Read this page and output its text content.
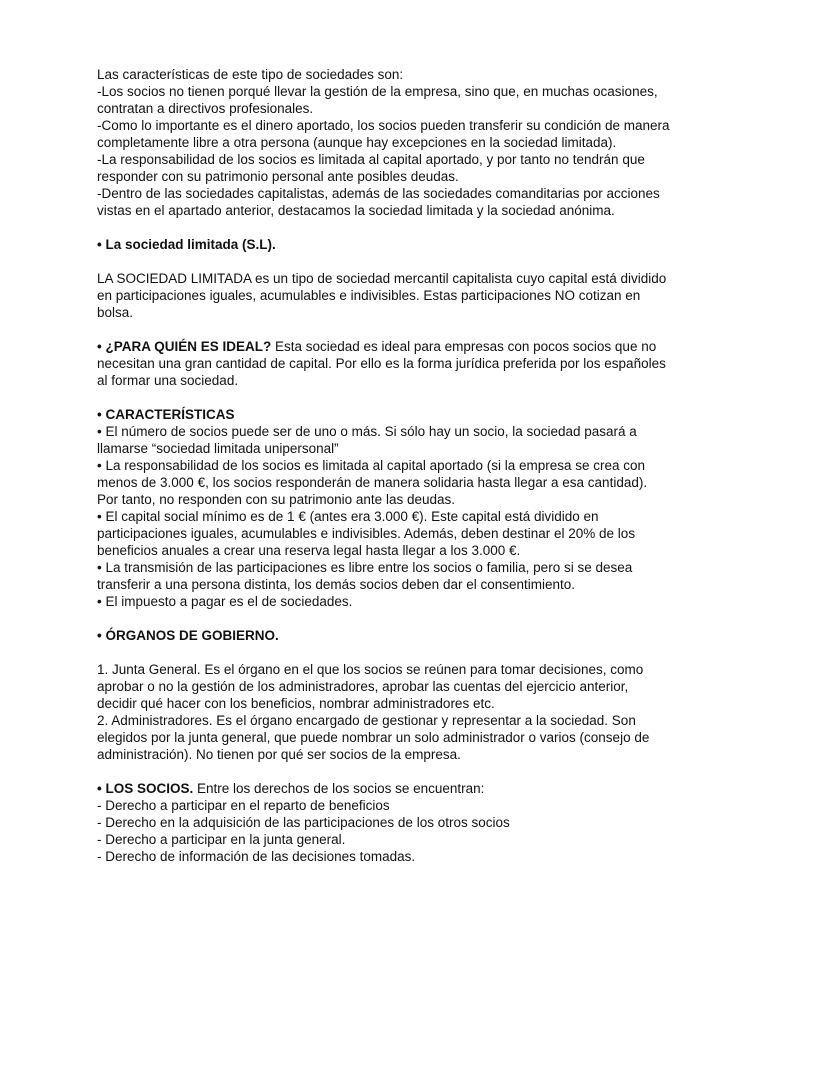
Las características de este tipo de sociedades son:
-Los socios no tienen porqué llevar la gestión de la empresa, sino que, en muchas ocasiones,
contratan a directivos profesionales.
-Como lo importante es el dinero aportado, los socios pueden transferir su condición de manera
completamente libre a otra persona (aunque hay excepciones en la sociedad limitada).
-La responsabilidad de los socios es limitada al capital aportado, y por tanto no tendrán que
responder con su patrimonio personal ante posibles deudas.
-Dentro de las sociedades capitalistas, además de las sociedades comanditarias por acciones
vistas en el apartado anterior, destacamos la sociedad limitada y la sociedad anónima.
• La sociedad limitada (S.L).
LA SOCIEDAD LIMITADA es un tipo de sociedad mercantil capitalista cuyo capital está dividido
en participaciones iguales, acumulables e indivisibles. Estas participaciones NO cotizan en
bolsa.
• ¿PARA QUIÉN ES IDEAL? Esta sociedad es ideal para empresas con pocos socios que no
necesitan una gran cantidad de capital. Por ello es la forma jurídica preferida por los españoles
al formar una sociedad.
• CARACTERÍSTICAS
• El número de socios puede ser de uno o más. Si sólo hay un socio, la sociedad pasará a
llamarse “sociedad limitada unipersonal”
• La responsabilidad de los socios es limitada al capital aportado (si la empresa se crea con
menos de 3.000 €, los socios responderán de manera solidaria hasta llegar a esa cantidad).
Por tanto, no responden con su patrimonio ante las deudas.
• El capital social mínimo es de 1 € (antes era 3.000 €). Este capital está dividido en
participaciones iguales, acumulables e indivisibles. Además, deben destinar el 20% de los
beneficios anuales a crear una reserva legal hasta llegar a los 3.000 €.
• La transmisión de las participaciones es libre entre los socios o familia, pero si se desea
transferir a una persona distinta, los demás socios deben dar el consentimiento.
• El impuesto a pagar es el de sociedades.
• ÓRGANOS DE GOBIERNO.
1. Junta General. Es el órgano en el que los socios se reúnen para tomar decisiones, como
aprobar o no la gestión de los administradores, aprobar las cuentas del ejercicio anterior,
decidir qué hacer con los beneficios, nombrar administradores etc.
2. Administradores. Es el órgano encargado de gestionar y representar a la sociedad. Son
elegidos por la junta general, que puede nombrar un solo administrador o varios (consejo de
administración). No tienen por qué ser socios de la empresa.
• LOS SOCIOS. Entre los derechos de los socios se encuentran:
- Derecho a participar en el reparto de beneficios
- Derecho en la adquisición de las participaciones de los otros socios
- Derecho a participar en la junta general.
- Derecho de información de las decisiones tomadas.
